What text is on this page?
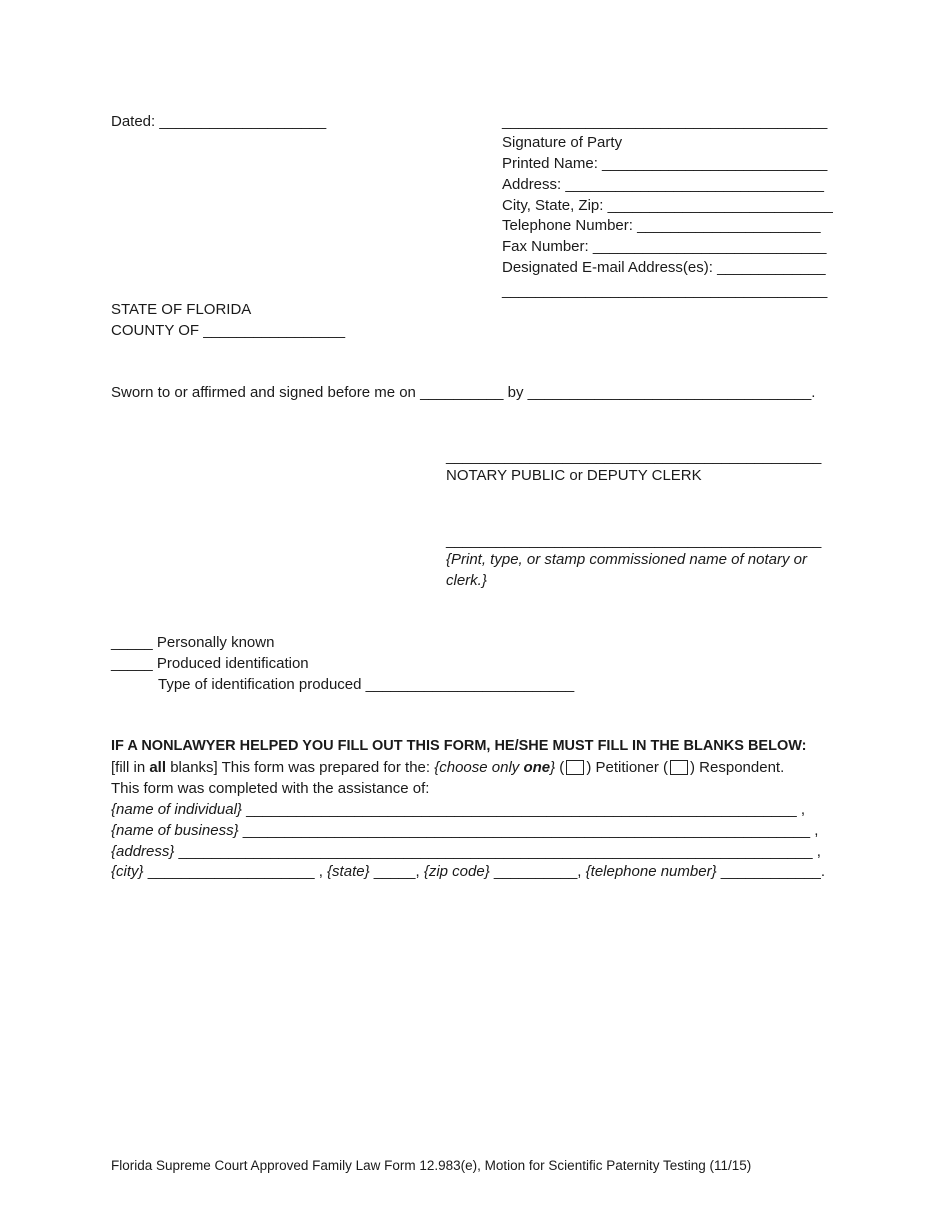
Dated: ____________________	_______________________________________
Signature of Party
Printed Name: ___________________________
Address: _______________________________
City, State, Zip: ___________________________
Telephone Number: ______________________
Fax Number: ____________________________
Designated E-mail Address(es): _____________
_______________________________________
STATE OF FLORIDA
COUNTY OF _________________
Sworn to or affirmed and signed before me on __________ by __________________________________.
_____________________________________________
NOTARY PUBLIC or DEPUTY CLERK
_____________________________________________
{Print, type, or stamp commissioned name of notary or
clerk.}
_____ Personally known
_____ Produced identification
Type of identification produced _________________________
IF A NONLAWYER HELPED YOU FILL OUT THIS FORM, HE/SHE MUST FILL IN THE BLANKS BELOW:
[fill in all blanks] This form was prepared for the: {choose only one} ( ) Petitioner ( ) Respondent.
This form was completed with the assistance of:
{name of individual} __________________________________________________________________ ,
{name of business} ____________________________________________________________________ ,
{address} ____________________________________________________________________________ ,
{city} ____________________ , {state} _____, {zip code} __________, {telephone number} ____________.
Florida Supreme Court Approved Family Law Form 12.983(e), Motion for Scientific Paternity Testing (11/15)
